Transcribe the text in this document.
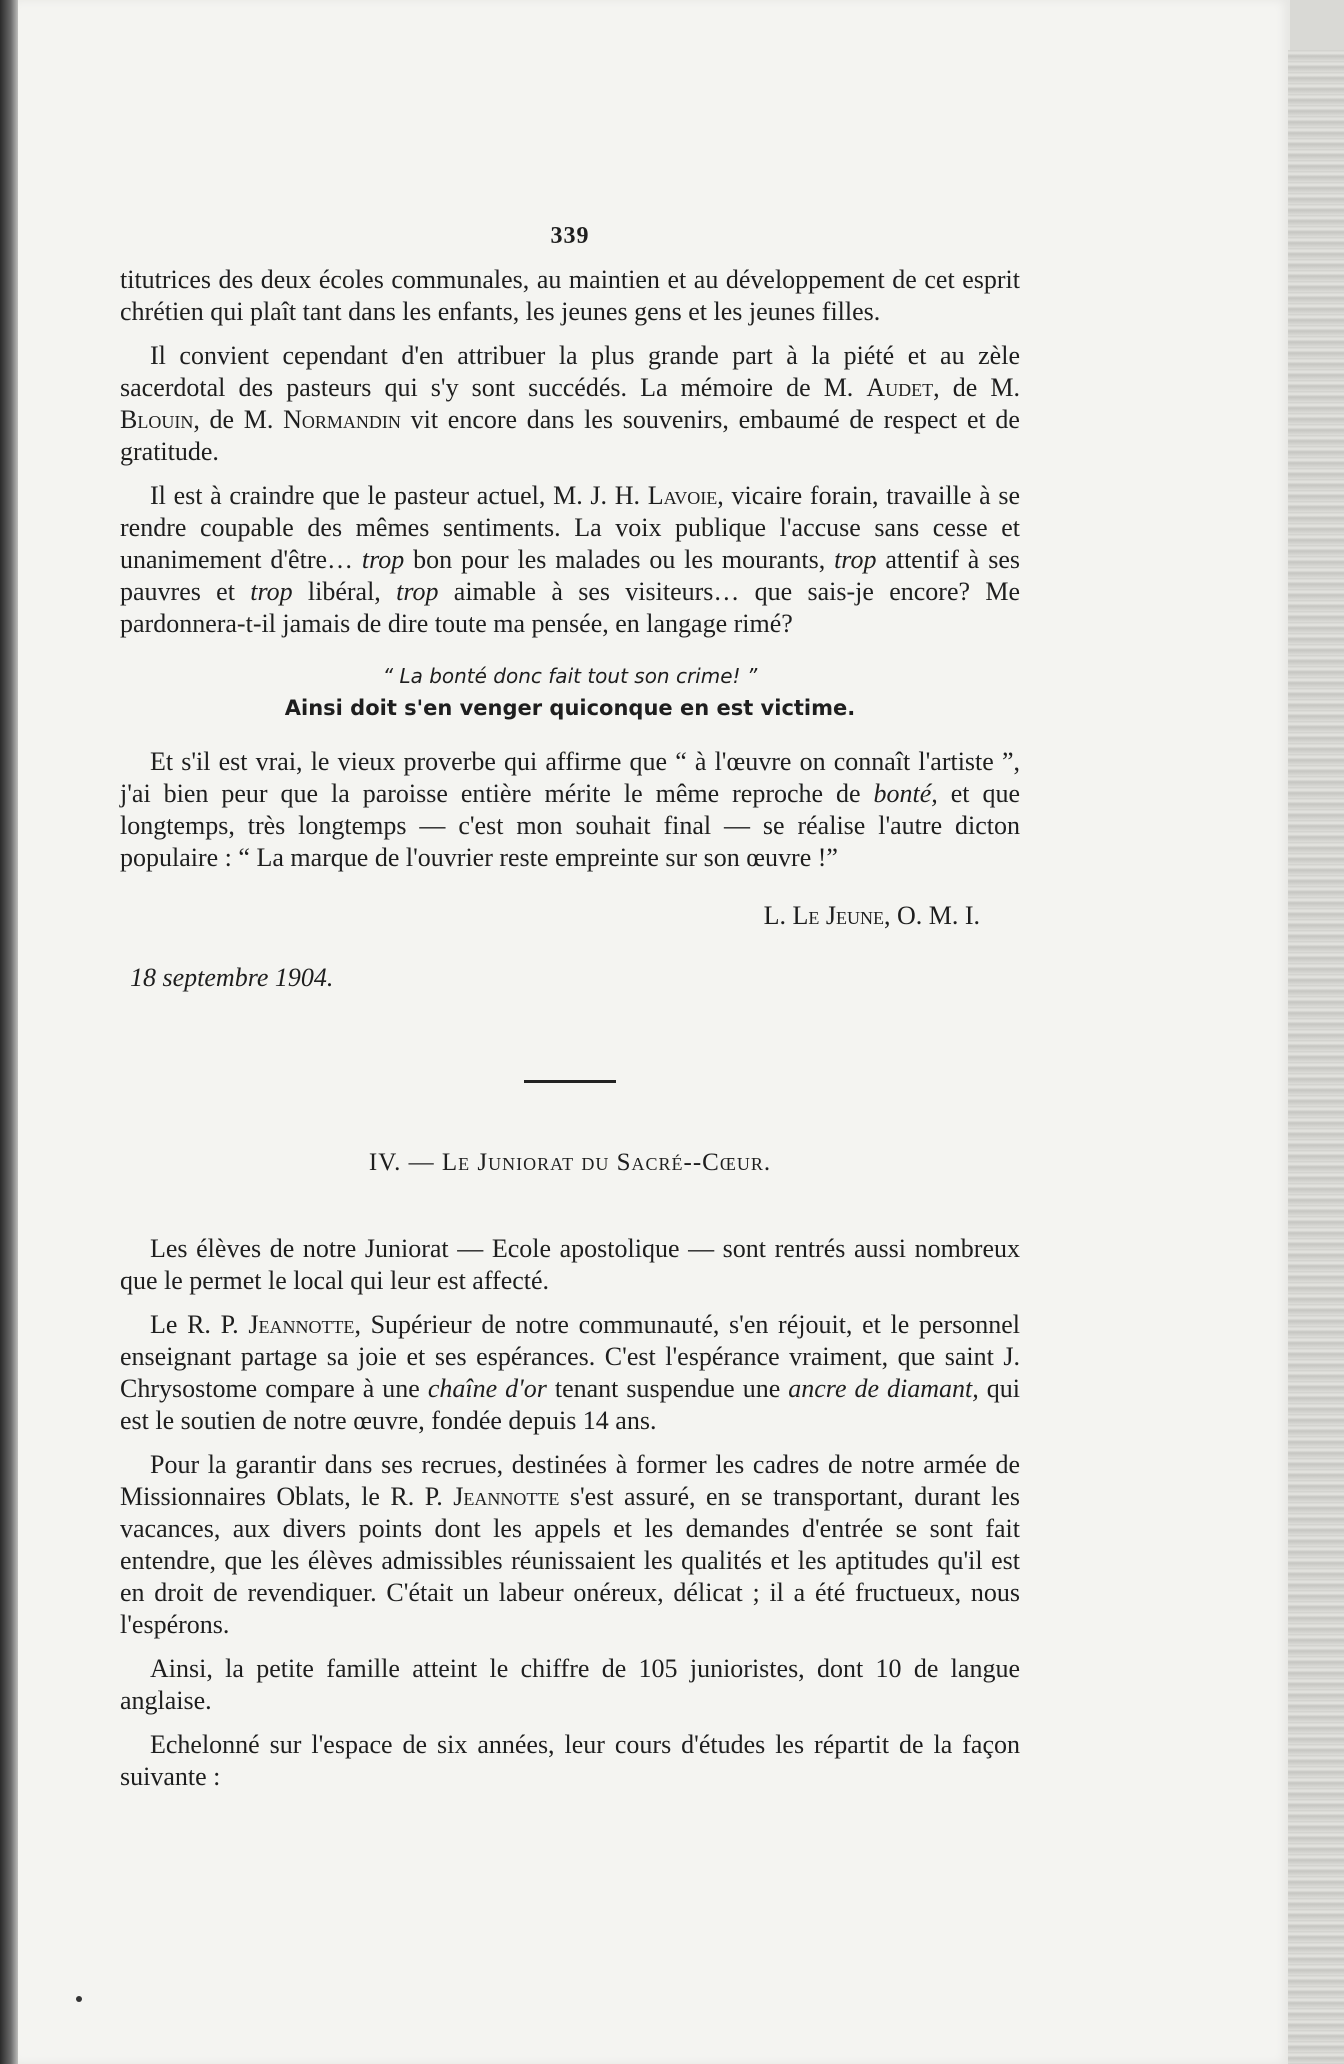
339

titutrices des deux écoles communales, au maintien et au développement de cet esprit chrétien qui plaît tant dans les enfants, les jeunes gens et les jeunes filles.

Il convient cependant d'en attribuer la plus grande part à la piété et au zèle sacerdotal des pasteurs qui s'y sont succédés. La mémoire de M. Audet, de M. Blouin, de M. Normandin vit encore dans les souvenirs, embaumé de respect et de gratitude.

Il est à craindre que le pasteur actuel, M. J. H. Lavoie, vicaire forain, travaille à se rendre coupable des mêmes sentiments. La voix publique l'accuse sans cesse et unanimement d'être… trop bon pour les malades ou les mourants, trop attentif à ses pauvres et trop libéral, trop aimable à ses visiteurs… que sais-je encore? Me pardonnera-t-il jamais de dire toute ma pensée, en langage rimé?

“ La bonté donc fait tout son crime! ”
Ainsi doit s'en venger quiconque en est victime.

Et s'il est vrai, le vieux proverbe qui affirme que “ à l'œuvre on connaît l'artiste ”, j'ai bien peur que la paroisse entière mérite le même reproche de bonté, et que longtemps, très longtemps — c'est mon souhait final — se réalise l'autre dicton populaire : “ La marque de l'ouvrier reste empreinte sur son œuvre !”

L. Le Jeune, O. M. I.
18 septembre 1904.
IV. — Le Juniorat du Sacré--Cœur.

Les élèves de notre Juniorat — Ecole apostolique — sont rentrés aussi nombreux que le permet le local qui leur est affecté.

Le R. P. Jeannotte, Supérieur de notre communauté, s'en réjouit, et le personnel enseignant partage sa joie et ses espérances. C'est l'espérance vraiment, que saint J. Chrysostome compare à une chaîne d'or tenant suspendue une ancre de diamant, qui est le soutien de notre œuvre, fondée depuis 14 ans.

Pour la garantir dans ses recrues, destinées à former les cadres de notre armée de Missionnaires Oblats, le R. P. Jeannotte s'est assuré, en se transportant, durant les vacances, aux divers points dont les appels et les demandes d'entrée se sont fait entendre, que les élèves admissibles réunissaient les qualités et les aptitudes qu'il est en droit de revendiquer. C'était un labeur onéreux, délicat ; il a été fructueux, nous l'espérons.

Ainsi, la petite famille atteint le chiffre de 105 junioristes, dont 10 de langue anglaise.

Echelonné sur l'espace de six années, leur cours d'études les répartit de la façon suivante :
